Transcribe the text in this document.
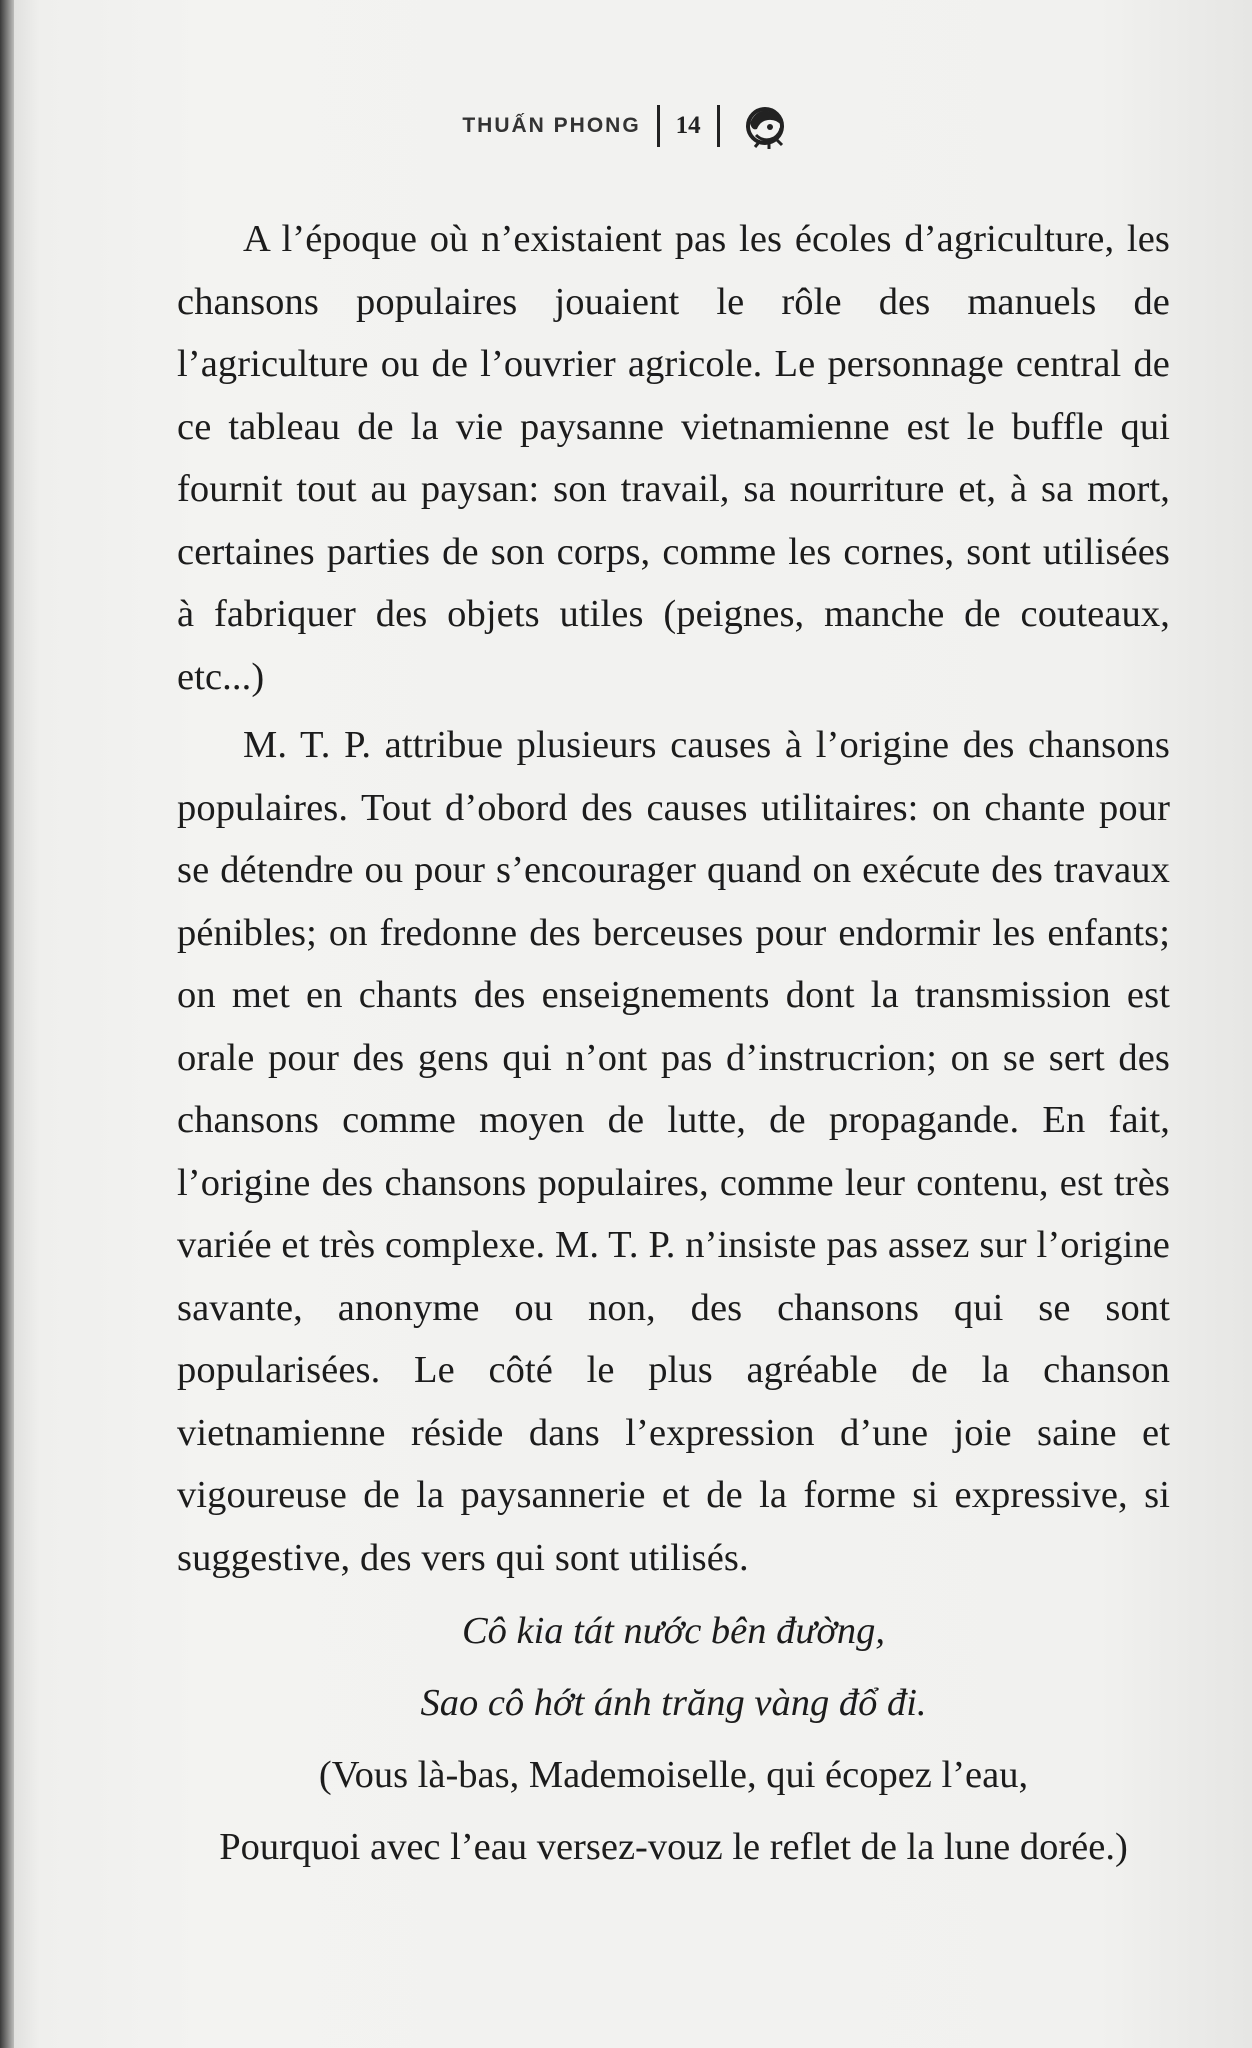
THUẤN PHONG 14

A l’époque où n’existaient pas les écoles d’agriculture, les chansons populaires jouaient le rôle des manuels de l’agriculture ou de l’ouvrier agricole. Le personnage central de ce tableau de la vie paysanne vietnamienne est le buffle qui fournit tout au paysan: son travail, sa nourriture et, à sa mort, certaines parties de son corps, comme les cornes, sont utilisées à fabriquer des objets utiles (peignes, manche de couteaux, etc...)

M. T. P. attribue plusieurs causes à l’origine des chansons populaires. Tout d’obord des causes utilitaires: on chante pour se détendre ou pour s’encourager quand on exécute des travaux pénibles; on fredonne des berceuses pour endormir les enfants; on met en chants des enseignements dont la transmission est orale pour des gens qui n’ont pas d’instrucrion; on se sert des chansons comme moyen de lutte, de propagande. En fait, l’origine des chansons populaires, comme leur contenu, est très variée et très complexe. M. T. P. n’insiste pas assez sur l’origine savante, anonyme ou non, des chansons qui se sont popularisées. Le côté le plus agréable de la chanson vietnamienne réside dans l’expression d’une joie saine et vigoureuse de la paysannerie et de la forme si expressive, si suggestive, des vers qui sont utilisés.

Cô kia tát nước bên đường,

Sao cô hớt ánh trăng vàng đổ đi.

(Vous là-bas, Mademoiselle, qui écopez l’eau,

Pourquoi avec l’eau versez-vouz le reflet de la lune dorée.)
